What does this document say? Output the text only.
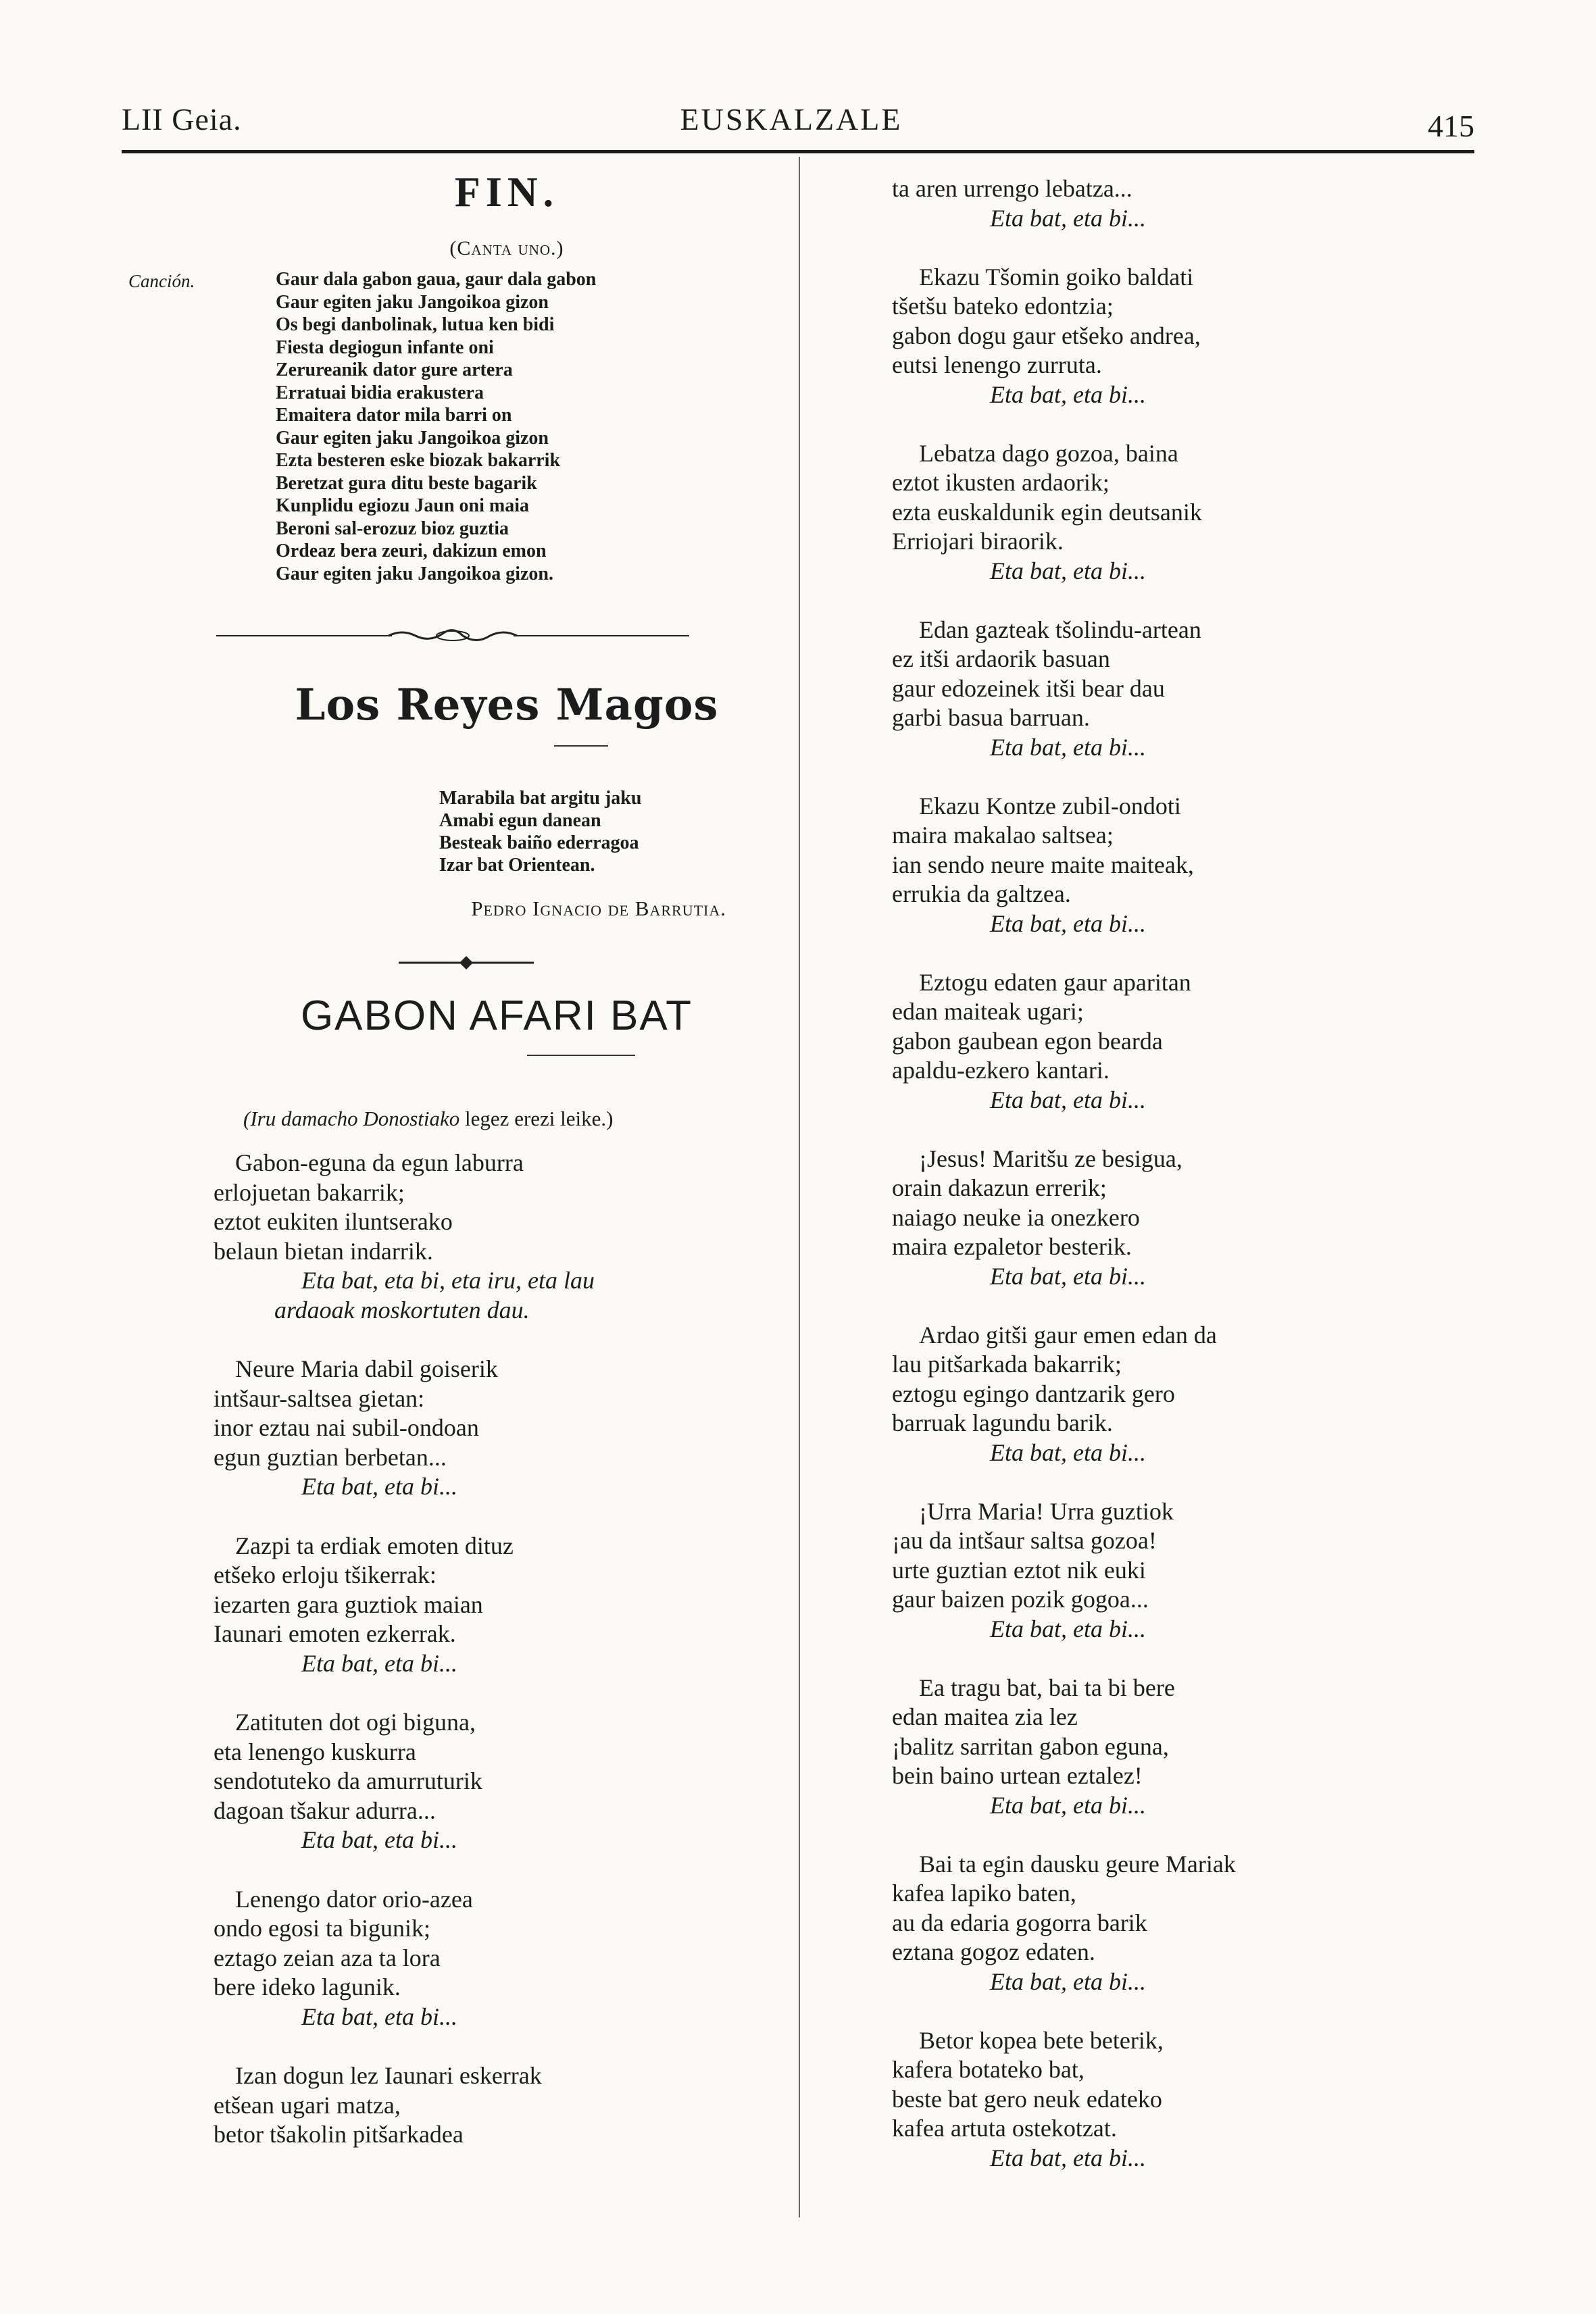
LII Geia.	EUSKALZALE	415
FIN.
(Canta uno.)
Canción.	Gaur dala gabon gaua, gaur dala gabon
Gaur egiten jaku Jangoikoa gizon
Os begi danbolinak, lutua ken bidi
Fiesta degiogun infante oni
Zerureanik dator gure artera
Erratuai bidia erakustera
Emaitera dator mila barri on
Gaur egiten jaku Jangoikoa gizon
Ezta besteren eske biozak bakarrik
Beretzat gura ditu beste bagarik
Kunplidu egiozu Jaun oni maia
Beroni sal-erozuz bioz guztia
Ordeaz bera zeuri, dakizun emon
Gaur egiten jaku Jangoikoa gizon.
Los Reyes Magos
Marabila bat argitu jaku
Amabi egun danean
Besteak baiño ederragoa
Izar bat Orientean.
Pedro Ignacio de Barrutia.
GABON AFARI BAT
(Iru damacho Donostiako legez erezi leike.)
Gabon-eguna da egun laburra
erlojuetan bakarrik;
eztot eukiten iluntserako
belaun bietan indarrik.
Eta bat, eta bi, eta iru, eta lau
ardaoak moskortuten dau.
Neure Maria dabil goiserik
intšaur-saltsea gietan:
inor eztau nai subil-ondoan
egun guztian berbetan...
Eta bat, eta bi...
Zazpi ta erdiak emoten dituz
etšeko erloju tšikerrak:
iezarten gara guztiok maian
Iaunari emoten ezkerrak.
Eta bat, eta bi...
Zatituten dot ogi biguna,
eta lenengo kuskurra
sendotuteko da amurruturik
dagoan tšakur adurra...
Eta bat, eta bi...
Lenengo dator orio-azea
ondo egosi ta bigunik;
eztago zeian aza ta lora
bere ideko lagunik.
Eta bat, eta bi...
Izan dogun lez Iaunari eskerrak
etšean ugari matza,
betor tšakolin pitšarkadea
ta aren urrengo lebatza...
Eta bat, eta bi...
Ekazu Tšomin goiko baldati
tšetšu bateko edontzia;
gabon dogu gaur etšeko andrea,
eutsi lenengo zurruta.
Eta bat, eta bi...
Lebatza dago gozoa, baina
eztot ikusten ardaorik;
ezta euskaldunik egin deutsanik
Erriojari biraorik.
Eta bat, eta bi...
Edan gazteak tšolindu-artean
ez itši ardaorik basuan
gaur edozeinek itši bear dau
garbi basua barruan.
Eta bat, eta bi...
Ekazu Kontze zubil-ondoti
maira makalao saltsea;
ian sendo neure maite maiteak,
errukia da galtzea.
Eta bat, eta bi...
Eztogu edaten gaur aparitan
edan maiteak ugari;
gabon gaubean egon bearda
apaldu-ezkero kantari.
Eta bat, eta bi...
¡Jesus! Maritšu ze besigua,
orain dakazun errerik;
naiago neuke ia onezkero
maira ezpaletor besterik.
Eta bat, eta bi...
Ardao gitši gaur emen edan da
lau pitšarkada bakarrik;
eztogu egingo dantzarik gero
barruak lagundu barik.
Eta bat, eta bi...
¡Urra Maria! Urra guztiok
¡au da intšaur saltsa gozoa!
urte guztian eztot nik euki
gaur baizen pozik gogoa...
Eta bat, eta bi...
Ea tragu bat, bai ta bi bere
edan maitea zia lez
¡balitz sarritan gabon eguna,
bein baino urtean eztalez!
Eta bat, eta bi...
Bai ta egin dausku geure Mariak
kafea lapiko baten,
au da edaria gogorra barik
eztana gogoz edaten.
Eta bat, eta bi...
Betor kopea bete beterik,
kafera botateko bat,
beste bat gero neuk edateko
kafea artuta ostekotzat.
Eta bat, eta bi...
